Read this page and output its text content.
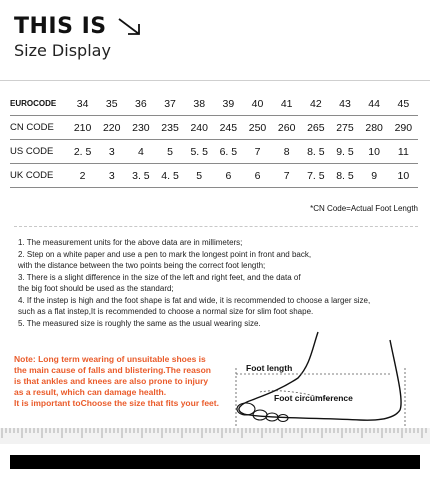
THIS IS
Size Display
EUROCODE	34	35	36	37	38	39	40	41	42	43	44	45
CN CODE	210	220	230	235	240	245	250	260	265	275	280	290
US CODE	2. 5	3	4	5	5. 5	6. 5	7	8	8. 5	9. 5	10	11
UK CODE	2	3	3. 5	4. 5	5	6	6	7	7. 5	8. 5	9	10
*CN Code=Actual Foot Length

1. The measurement units for the above data are in millimeters;

2. Step on a white paper and use a pen to mark the longest point in front and back,

with the distance between the two points being the correct foot length;

3. There is a slight difference in the size of the left and right feet, and the data of

the big foot should be used as the standard;

4. If the instep is high and the foot shape is fat and wide, it is recommended to choose a larger size,

such as a flat instep,It is recommended to choose a normal size for slim foot shape.

5. The measured size is roughly the same as the usual wearing size.

Note: Long term wearing of unsuitable shoes is

the main cause of falls and blistering.The reason

is that ankles and knees are also prone to injury

as a result, which can damage health.

It is important toChoose the size that fits your feet.

Foot length
Foot circumference
